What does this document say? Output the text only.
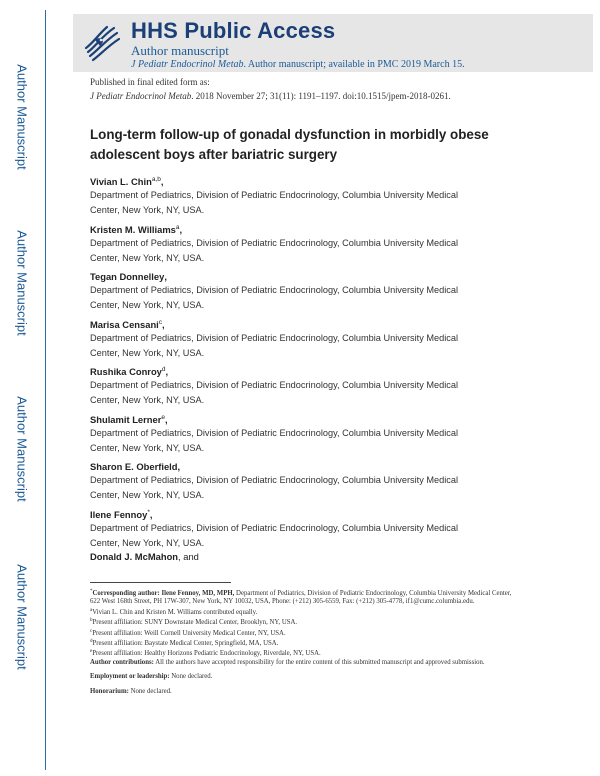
Author Manuscript
Author Manuscript
Author Manuscript
Author Manuscript
HHS Public Access
Author manuscript
J Pediatr Endocrinol Metab. Author manuscript; available in PMC 2019 March 15.
Published in final edited form as:
J Pediatr Endocrinol Metab. 2018 November 27; 31(11): 1191–1197. doi:10.1515/jpem-2018-0261.
Long-term follow-up of gonadal dysfunction in morbidly obese adolescent boys after bariatric surgery
Vivian L. Chin$^{a,b}$,
Department of Pediatrics, Division of Pediatric Endocrinology, Columbia University Medical
Center, New York, NY, USA.
Kristen M. Williams$^a$,
Department of Pediatrics, Division of Pediatric Endocrinology, Columbia University Medical
Center, New York, NY, USA.
Tegan Donnelley,
Department of Pediatrics, Division of Pediatric Endocrinology, Columbia University Medical
Center, New York, NY, USA.
Marisa Censani$^c$,
Department of Pediatrics, Division of Pediatric Endocrinology, Columbia University Medical
Center, New York, NY, USA.
Rushika Conroy$^d$,
Department of Pediatrics, Division of Pediatric Endocrinology, Columbia University Medical
Center, New York, NY, USA.
Shulamit Lerner$^e$,
Department of Pediatrics, Division of Pediatric Endocrinology, Columbia University Medical
Center, New York, NY, USA.
Sharon E. Oberfield,
Department of Pediatrics, Division of Pediatric Endocrinology, Columbia University Medical
Center, New York, NY, USA.
Ilene Fennoy*,
Department of Pediatrics, Division of Pediatric Endocrinology, Columbia University Medical
Center, New York, NY, USA.
Donald J. McMahon, and

*Corresponding author: Ilene Fennoy, MD, MPH, Department of Pediatrics, Division of Pediatric Endocrinology, Columbia University Medical Center, 622 West 168th Street, PH 17W-307, New York, NY 10032, USA, Phone: (+212) 305-6559, Fax: (+212) 305-4778, if1@cumc.columbia.edu.

$^a$Vivian L. Chin and Kristen M. Williams contributed equally.

$^b$Present affiliation: SUNY Downstate Medical Center, Brooklyn, NY, USA.

$^c$Present affiliation: Weill Cornell University Medical Center, NY, USA.

$^d$Present affiliation: Baystate Medical Center, Springfield, MA, USA.

$^e$Present affiliation: Healthy Horizons Pediatric Endocrinology, Riverdale, NY, USA.

Author contributions: All the authors have accepted responsibility for the entire content of this submitted manuscript and approved submission.

Employment or leadership: None declared.

Honorarium: None declared.
